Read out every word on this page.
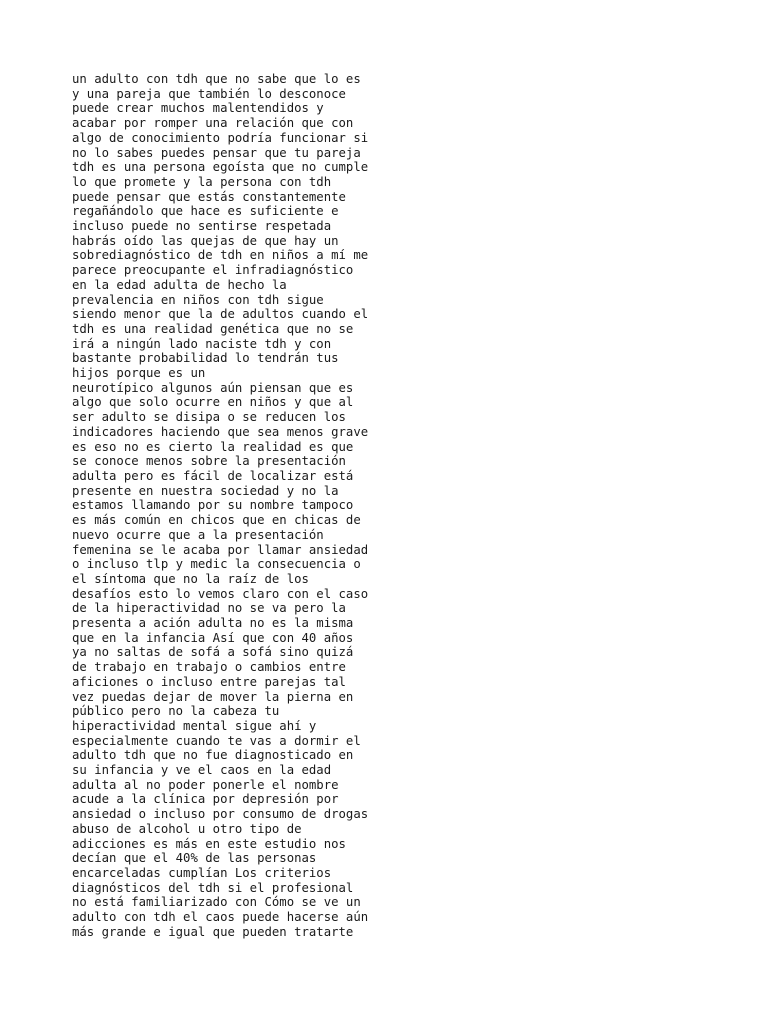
un adulto con tdh que no sabe que lo es

y una pareja que también lo desconoce

puede crear muchos malentendidos y

acabar por romper una relación que con

algo de conocimiento podría funcionar si

no lo sabes puedes pensar que tu pareja

tdh es una persona egoísta que no cumple

lo que promete y la persona con tdh

puede pensar que estás constantemente

regañándolo que hace es suficiente e

incluso puede no sentirse respetada

habrás oído las quejas de que hay un

sobrediagnóstico de tdh en niños a mí me

parece preocupante el infradiagnóstico

en la edad adulta de hecho la

prevalencia en niños con tdh sigue

siendo menor que la de adultos cuando el

tdh es una realidad genética que no se

irá a ningún lado naciste tdh y con

bastante probabilidad lo tendrán tus

hijos porque es un

neurotípico algunos aún piensan que es

algo que solo ocurre en niños y que al

ser adulto se disipa o se reducen los

indicadores haciendo que sea menos grave

es eso no es cierto la realidad es que

se conoce menos sobre la presentación

adulta pero es fácil de localizar está

presente en nuestra sociedad y no la

estamos llamando por su nombre tampoco

es más común en chicos que en chicas de

nuevo ocurre que a la presentación

femenina se le acaba por llamar ansiedad

o incluso tlp y medic la consecuencia o

el síntoma que no la raíz de los

desafíos esto lo vemos claro con el caso

de la hiperactividad no se va pero la

presenta a ación adulta no es la misma

que en la infancia Así que con 40 años

ya no saltas de sofá a sofá sino quizá

de trabajo en trabajo o cambios entre

aficiones o incluso entre parejas tal

vez puedas dejar de mover la pierna en

público pero no la cabeza tu

hiperactividad mental sigue ahí y

especialmente cuando te vas a dormir el

adulto tdh que no fue diagnosticado en

su infancia y ve el caos en la edad

adulta al no poder ponerle el nombre

acude a la clínica por depresión por

ansiedad o incluso por consumo de drogas

abuso de alcohol u otro tipo de

adicciones es más en este estudio nos

decían que el 40% de las personas

encarceladas cumplían Los criterios

diagnósticos del tdh si el profesional

no está familiarizado con Cómo se ve un

adulto con tdh el caos puede hacerse aún

más grande e igual que pueden tratarte
